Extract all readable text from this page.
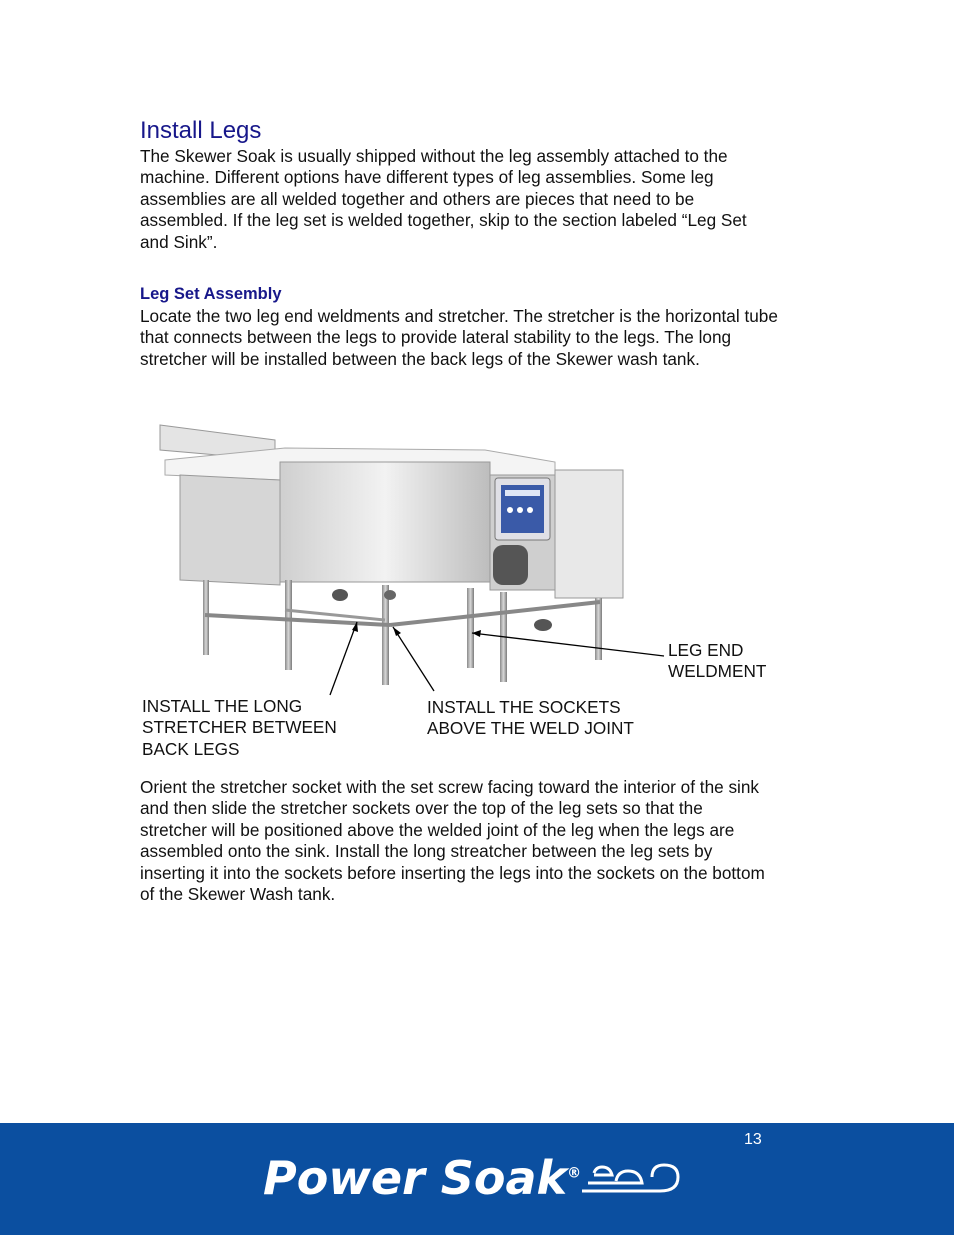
Install Legs

The Skewer Soak is usually shipped without the leg assembly attached to the machine. Different options have different types of leg assemblies. Some leg assemblies are all welded together and others are pieces that need to be assembled. If the leg set is welded together, skip to the section labeled “Leg Set and Sink”.

Leg Set Assembly

Locate the two leg end weldments and stretcher. The stretcher is the horizontal tube that connects between the legs to provide lateral stability to the legs. The long stretcher will be installed between the back legs of the Skewer wash tank.

LEG END
WELDMENT
INSTALL THE LONG
STRETCHER BETWEEN
BACK LEGS
INSTALL THE SOCKETS
ABOVE THE WELD JOINT

Orient the stretcher socket with the set screw facing toward the interior of the sink and then slide the stretcher sockets over the top of the leg sets so that the stretcher will be positioned above the welded joint of the leg when the legs are assembled onto the sink. Install the long streatcher between the leg sets by inserting it into the sockets before inserting the legs into the sockets on the bottom of the Skewer Wash tank.

13
Power Soak®
